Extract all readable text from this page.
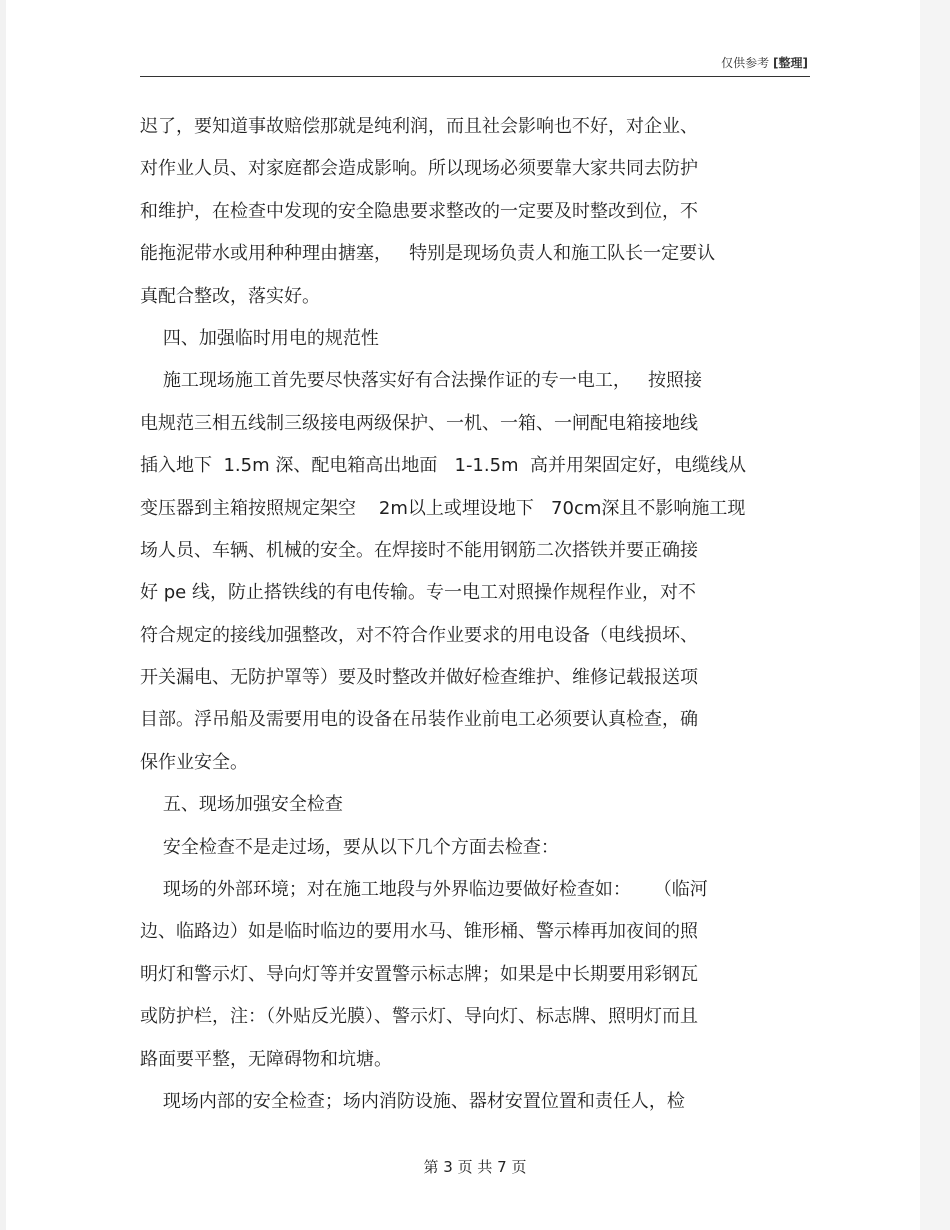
仅供参考 [整理]
迟了，要知道事故赔偿那就是纯利润，而且社会影响也不好，对企业、
对作业人员、对家庭都会造成影响。所以现场必须要靠大家共同去防护
和维护，在检查中发现的安全隐患要求整改的一定要及时整改到位，不
能拖泥带水或用种种理由搪塞，   特别是现场负责人和施工队长一定要认
真配合整改，落实好。
四、加强临时用电的规范性
施工现场施工首先要尽快落实好有合法操作证的专一电工，   按照接
电规范三相五线制三级接电两级保护、一机、一箱、一闸配电箱接地线
插入地下  1.5m 深、配电箱高出地面   1-1.5m  高并用架固定好，电缆线从
变压器到主箱按照规定架空    2m以上或埋设地下   70cm深且不影响施工现
场人员、车辆、机械的安全。在焊接时不能用钢筋二次搭铁并要正确接
好 pe 线，防止搭铁线的有电传输。专一电工对照操作规程作业，对不
符合规定的接线加强整改，对不符合作业要求的用电设备（电线损坏、
开关漏电、无防护罩等）要及时整改并做好检查维护、维修记载报送项
目部。浮吊船及需要用电的设备在吊装作业前电工必须要认真检查，确
保作业安全。
五、现场加强安全检查
安全检查不是走过场，要从以下几个方面去检查：
现场的外部环境；对在施工地段与外界临边要做好检查如：    （临河
边、临路边）如是临时临边的要用水马、锥形桶、警示棒再加夜间的照
明灯和警示灯、导向灯等并安置警示标志牌；如果是中长期要用彩钢瓦
或防护栏，注：（外贴反光膜）、警示灯、导向灯、标志牌、照明灯而且
路面要平整，无障碍物和坑塘。
现场内部的安全检查；场内消防设施、器材安置位置和责任人，检
第 3 页 共 7 页
